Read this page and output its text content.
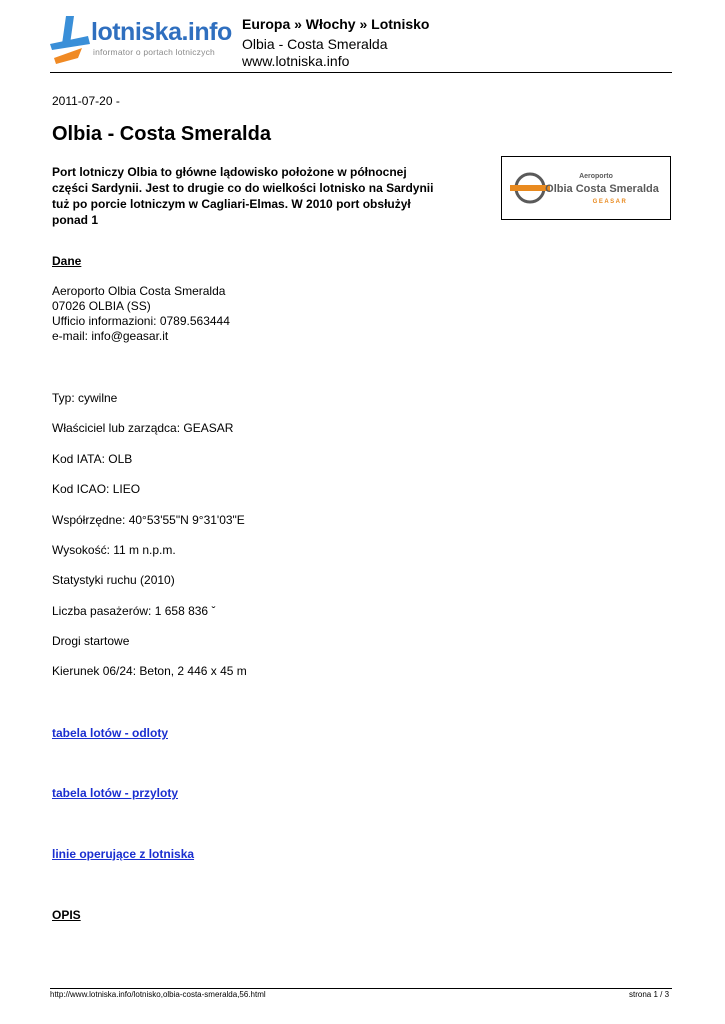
lotniska.info
informator o portach lotniczych
Europa » Włochy » Lotnisko
Olbia - Costa Smeralda
www.lotniska.info
2011-07-20 -
Olbia - Costa Smeralda
Port lotniczy Olbia to główne lądowisko położone w północnej
części Sardynii. Jest to drugie co do wielkości lotnisko na Sardynii
tuż po porcie lotniczym w Cagliari-Elmas. W 2010 port obsłużył
ponad 1
Aeroporto
Olbia Costa Smeralda
GEASAR
Dane
Aeroporto Olbia Costa Smeralda
07026 OLBIA (SS)
Ufficio informazioni: 0789.563444
e-mail: info@geasar.it
Typ: cywilne
Właściciel lub zarządca: GEASAR
Kod IATA: OLB
Kod ICAO: LIEO
Współrzędne: 40°53'55"N 9°31'03"E
Wysokość: 11 m n.p.m.
Statystyki ruchu (2010)
Liczba pasażerów: 1 658 836 ˇ
Drogi startowe
Kierunek 06/24: Beton, 2 446 x 45 m
tabela lotów - odloty
tabela lotów - przyloty
linie operujące z lotniska
OPIS
http://www.lotniska.info/lotnisko,olbia-costa-smeralda,56.html	strona 1 / 3
